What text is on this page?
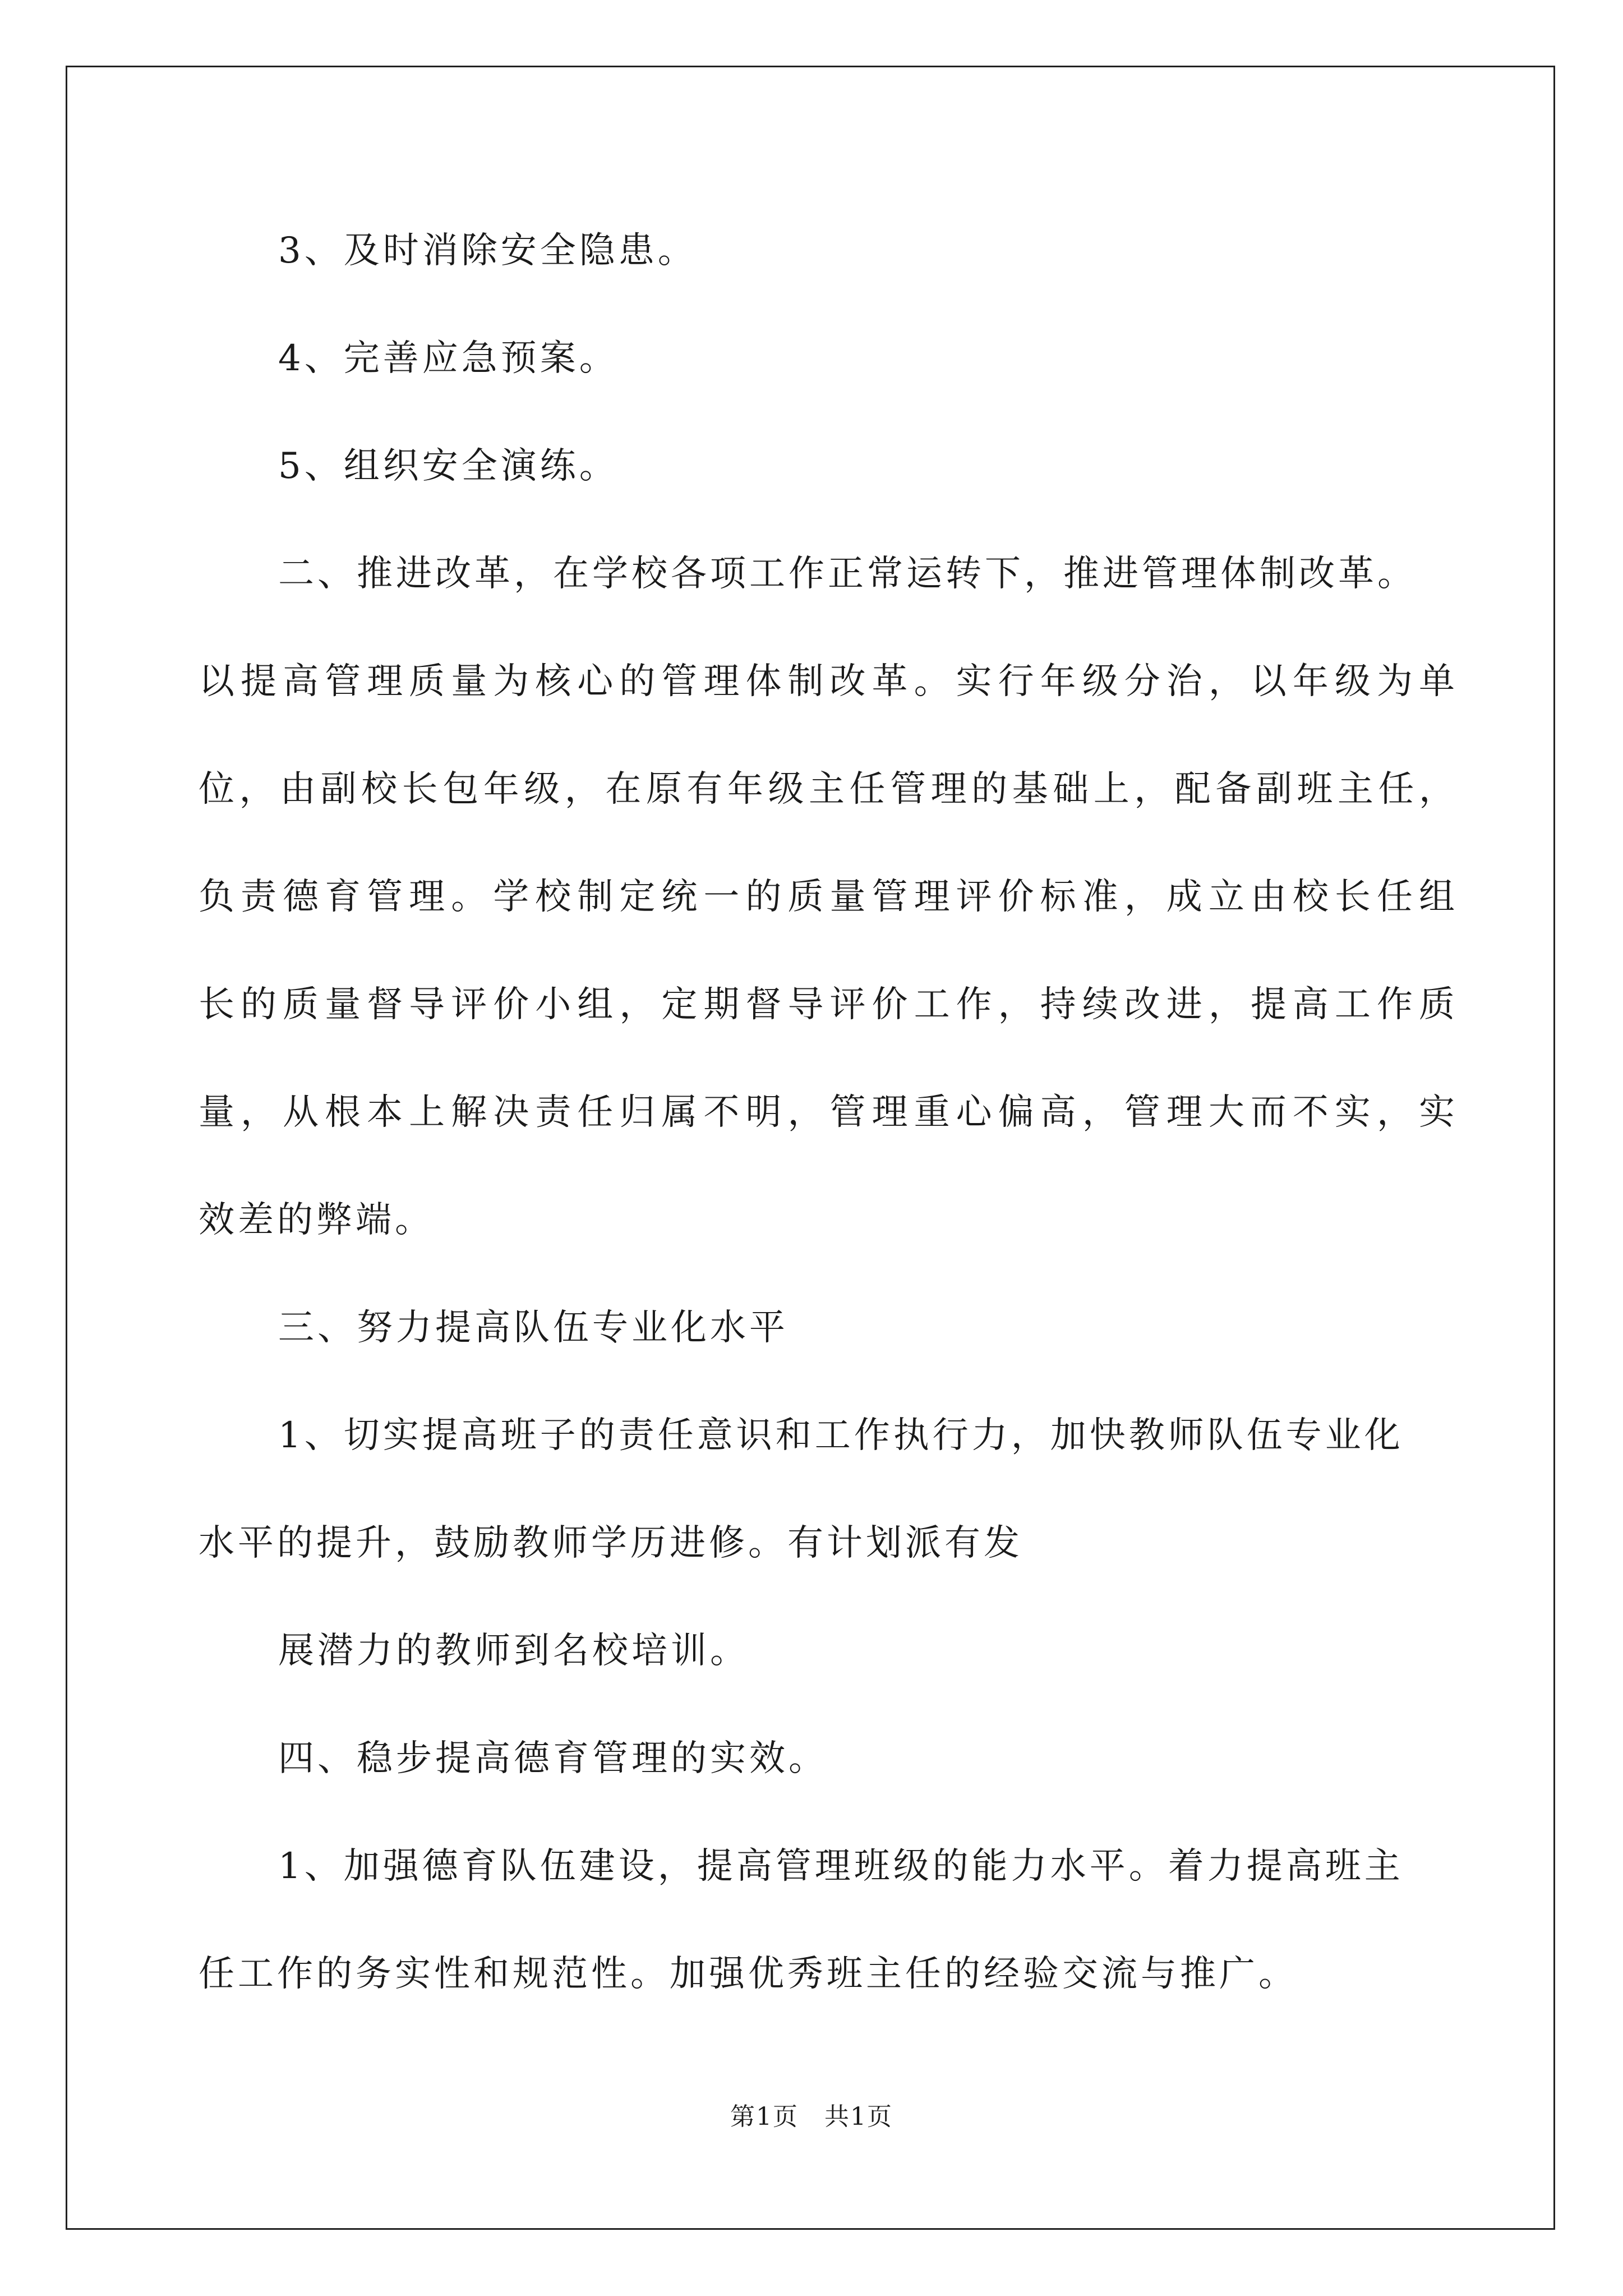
3、及时消除安全隐患。
4、完善应急预案。
5、组织安全演练。
二、推进改革，在学校各项工作正常运转下，推进管理体制改革。
以提高管理质量为核心的管理体制改革。实行年级分治，以年级为单
位，由副校长包年级，在原有年级主任管理的基础上，配备副班主任，
负责德育管理。学校制定统一的质量管理评价标准，成立由校长任组
长的质量督导评价小组，定期督导评价工作，持续改进，提高工作质
量，从根本上解决责任归属不明，管理重心偏高，管理大而不实，实
效差的弊端。
三、努力提高队伍专业化水平
1、切实提高班子的责任意识和工作执行力，加快教师队伍专业化
水平的提升，鼓励教师学历进修。有计划派有发
展潜力的教师到名校培训。
四、稳步提高德育管理的实效。
1、加强德育队伍建设，提高管理班级的能力水平。着力提高班主
任工作的务实性和规范性。加强优秀班主任的经验交流与推广。
第1页　共1页
